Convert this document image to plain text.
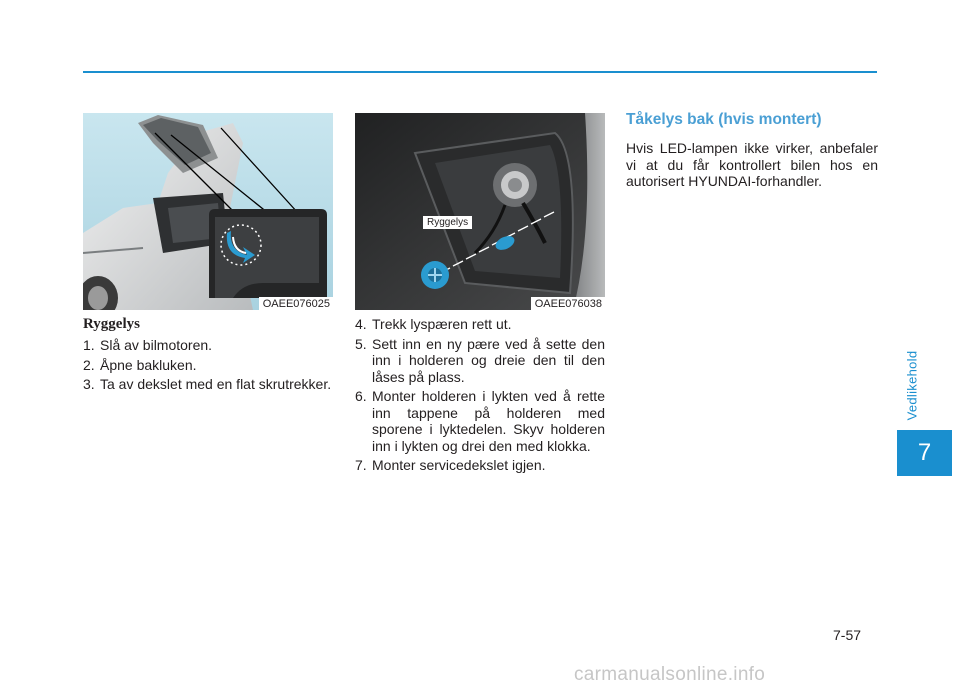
Vedlikehold
7
OAEE076025
Ryggelys
OAEE076038
Ryggelys
1. Slå av bilmotoren.
2. Åpne bakluken.
3. Ta av dekslet med en flat skrutrekker.
4. Trekk lyspæren rett ut.
5. Sett inn en ny pære ved å sette den inn i holderen og dreie den til den låses på plass.
6. Monter holderen i lykten ved å rette inn tappene på holderen med sporene i lyktedelen. Skyv holderen inn i lykten og drei den med klokka.
7. Monter servicedekslet igjen.
Tåkelys bak (hvis montert)
Hvis LED-lampen ikke virker, anbefaler vi at du får kontrollert bilen hos en autorisert HYUNDAI-forhandler.
7-57
carmanualsonline.info
